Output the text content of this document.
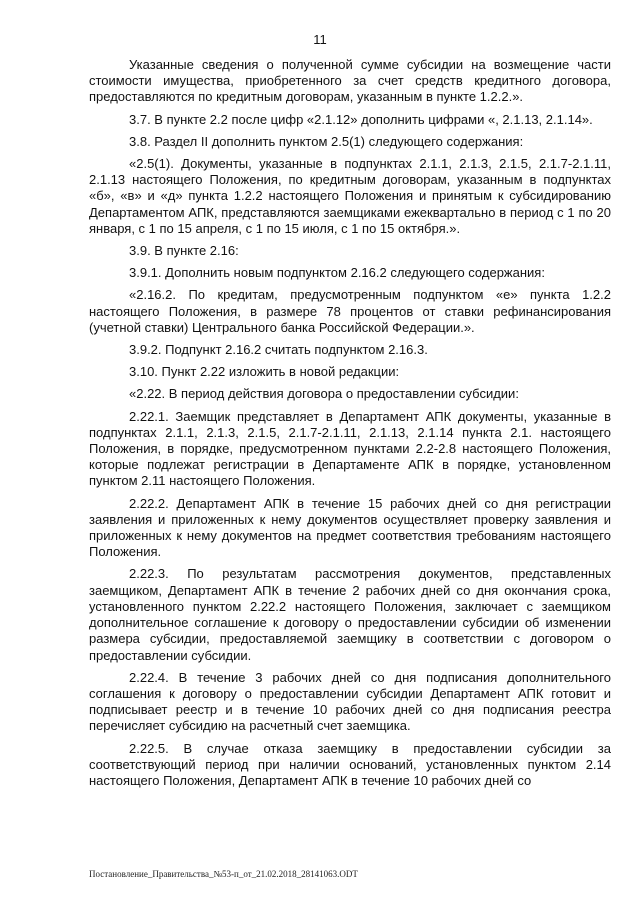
11

Указанные сведения о полученной сумме субсидии на возмещение части стоимости имущества, приобретенного за счет средств кредитного договора, предоставляются по кредитным договорам, указанным в пункте 1.2.2.».

3.7. В пункте 2.2 после цифр «2.1.12» дополнить цифрами «, 2.1.13, 2.1.14».

3.8. Раздел II дополнить пунктом 2.5(1) следующего содержания:

«2.5(1). Документы, указанные в подпунктах 2.1.1, 2.1.3, 2.1.5, 2.1.7-2.1.11, 2.1.13 настоящего Положения, по кредитным договорам, указанным в подпунктах «б», «в» и «д» пункта 1.2.2 настоящего Положения и принятым к субсидированию Департаментом АПК, представляются заемщиками ежеквартально в период с 1 по 20 января, с 1 по 15 апреля, с 1 по 15 июля, с 1 по 15 октября.».

3.9. В пункте 2.16:

3.9.1. Дополнить новым подпунктом 2.16.2 следующего содержания:

«2.16.2. По кредитам, предусмотренным подпунктом «е» пункта 1.2.2 настоящего Положения, в размере 78 процентов от ставки рефинансирования (учетной ставки) Центрального банка Российской Федерации.».

3.9.2. Подпункт 2.16.2 считать подпунктом 2.16.3.

3.10. Пункт 2.22 изложить в новой редакции:

«2.22. В период действия договора о предоставлении субсидии:

2.22.1. Заемщик представляет в Департамент АПК документы, указанные в подпунктах 2.1.1, 2.1.3, 2.1.5, 2.1.7-2.1.11, 2.1.13, 2.1.14 пункта 2.1. настоящего Положения, в порядке, предусмотренном пунктами 2.2-2.8 настоящего Положения, которые подлежат регистрации в Департаменте АПК в порядке, установленном пунктом 2.11 настоящего Положения.

2.22.2. Департамент АПК в течение 15 рабочих дней со дня регистрации заявления и приложенных к нему документов осуществляет проверку заявления и приложенных к нему документов на предмет соответствия требованиям настоящего Положения.

2.22.3. По результатам рассмотрения документов, представленных заемщиком, Департамент АПК в течение 2 рабочих дней со дня окончания срока, установленного пунктом 2.22.2 настоящего Положения, заключает с заемщиком дополнительное соглашение к договору о предоставлении субсидии об изменении размера субсидии, предоставляемой заемщику в соответствии с договором о предоставлении субсидии.

2.22.4. В течение 3 рабочих дней со дня подписания дополнительного соглашения к договору о предоставлении субсидии Департамент АПК готовит и подписывает реестр и в течение 10 рабочих дней со дня подписания реестра перечисляет субсидию на расчетный счет заемщика.

2.22.5. В случае отказа заемщику в предоставлении субсидии за соответствующий период при наличии оснований, установленных пунктом 2.14 настоящего Положения, Департамент АПК в течение 10 рабочих дней со

Постановление_Правительства_№53-п_от_21.02.2018_28141063.ODT
